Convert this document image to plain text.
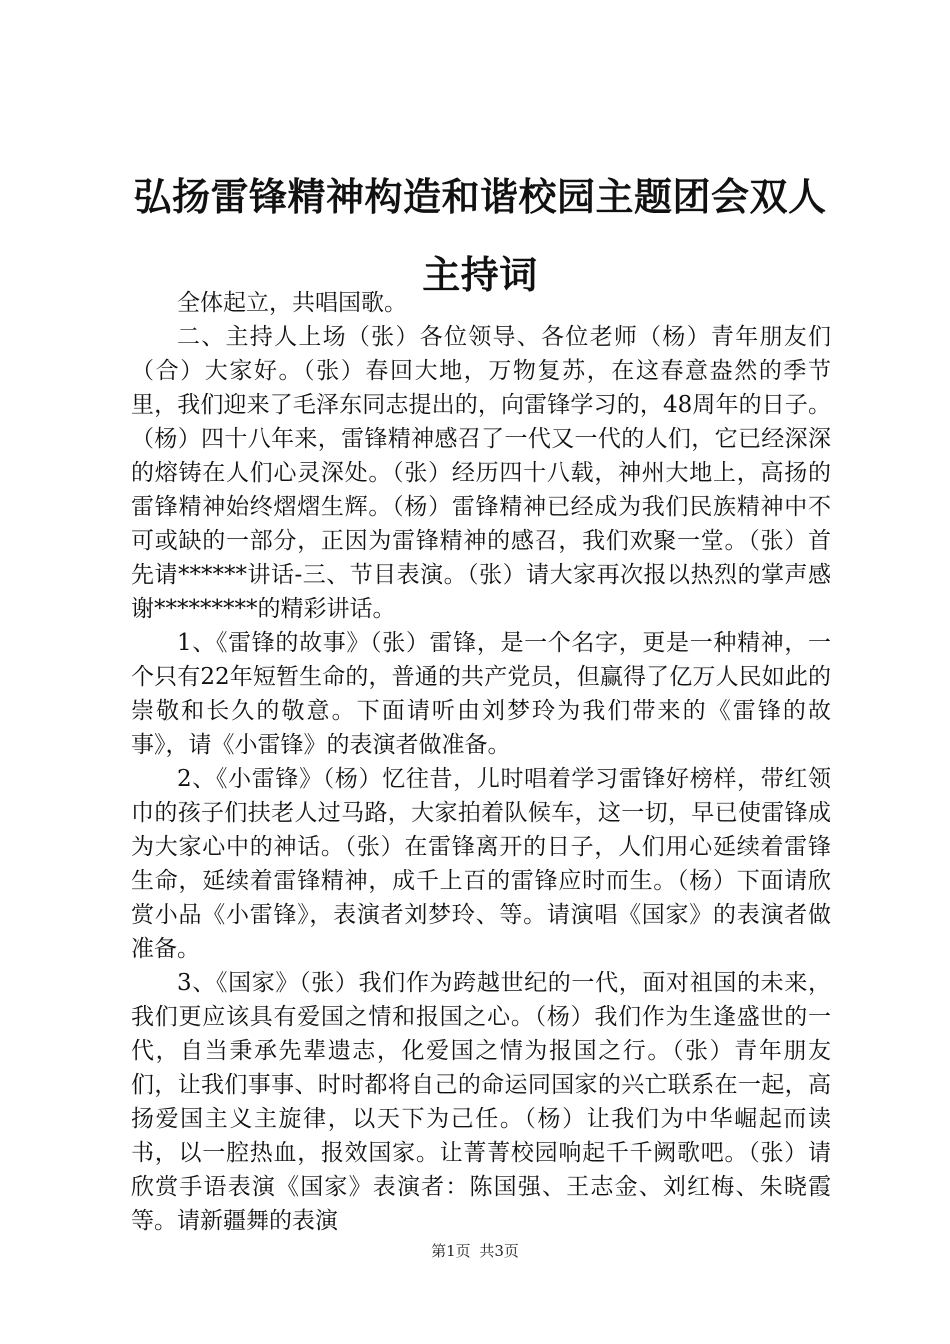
弘扬雷锋精神构造和谐校园主题团会双人主持词

全体起立，共唱国歌。

二、主持人上场（张）各位领导、各位老师（杨）青年朋友们（合）大家好。（张）春回大地，万物复苏，在这春意盎然的季节里，我们迎来了毛泽东同志提出的，向雷锋学习的，48周年的日子。（杨）四十八年来，雷锋精神感召了一代又一代的人们，它已经深深的熔铸在人们心灵深处。（张）经历四十八载，神州大地上，高扬的雷锋精神始终熠熠生辉。（杨）雷锋精神已经成为我们民族精神中不可或缺的一部分，正因为雷锋精神的感召，我们欢聚一堂。（张）首先请******讲话-三、节目表演。（张）请大家再次报以热烈的掌声感谢*********的精彩讲话。

1、《雷锋的故事》（张）雷锋，是一个名字，更是一种精神，一个只有22年短暂生命的，普通的共产党员，但赢得了亿万人民如此的崇敬和长久的敬意。下面请听由刘梦玲为我们带来的《雷锋的故事》，请《小雷锋》的表演者做准备。

2、《小雷锋》（杨）忆往昔，儿时唱着学习雷锋好榜样，带红领巾的孩子们扶老人过马路，大家拍着队候车，这一切，早已使雷锋成为大家心中的神话。（张）在雷锋离开的日子，人们用心延续着雷锋生命，延续着雷锋精神，成千上百的雷锋应时而生。（杨）下面请欣赏小品《小雷锋》，表演者刘梦玲、等。请演唱《国家》的表演者做准备。

3、《国家》（张）我们作为跨越世纪的一代，面对祖国的未来，我们更应该具有爱国之情和报国之心。（杨）我们作为生逢盛世的一代，自当秉承先辈遗志，化爱国之情为报国之行。（张）青年朋友们，让我们事事、时时都将自己的命运同国家的兴亡联系在一起，高扬爱国主义主旋律，以天下为己任。（杨）让我们为中华崛起而读书，以一腔热血，报效国家。让菁菁校园响起千千阙歌吧。（张）请欣赏手语表演《国家》表演者：陈国强、王志金、刘红梅、朱晓霞等。请新疆舞的表演

第1页 共3页
